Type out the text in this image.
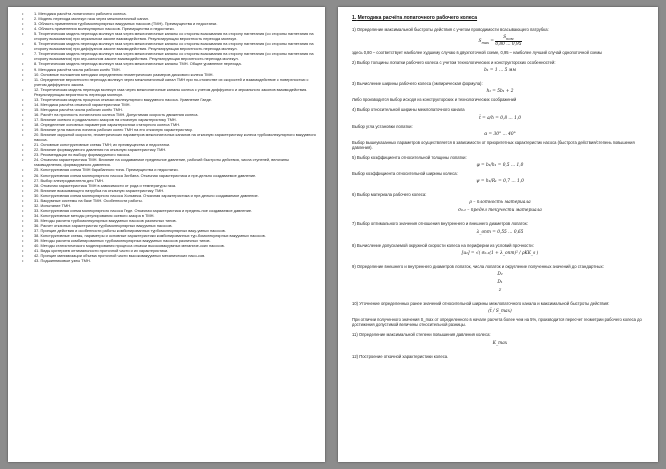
• 1. Методика расчёта лопаточного рабочего колеса.
• 2. Модель перехода молекул газа через межлопаточный канал.
• 3. Область применения турбомолекулярных вакуумных насосов (ТМН). Преимущества и недостатки.
• 4. Область применения молекулярных насосов. Преимущества и недостатки.
• 5. Теоретическая модель перехода молекул газа через межлопаточные каналы со стороны всасывания на сторону нагнетания (со стороны нагнетания на сторону всасывания) при зеркальном законе взаимодействия. Результирующая вероятность перехода молекул.
• 6. Теоретическая модель перехода молекул газа через межлопаточные каналы со стороны всасывания на сторону нагнетания (со стороны нагнетания на сторону всасывания) при диффузном законе взаимодействия. Результирующая вероятность перехода молекул.
• 7. Теоретическая модель перехода молекул газа через межлопаточные каналы со стороны всасывания на сторону нагнетания (со стороны нагнетания на сторону всасывания) при зер-кальном законе взаимодействия. Результирующая вероятность перехода молекул.
• 8. Теоретическая модель перехода молекул газа через межлопаточные каналы ТМН. Общее уравнение перехода.
• 9. Методика расчёта числа рабочих колёс ТМН.
• 10. Основные положения методики определения геометрических размеров дискового колеса ТМН.
• 11. Определение вероятности перехода молекул через межлопаточный канал ТМН при по-стоянстве их скоростей и взаимодействие с поверхностью с учетом диффузного закона.
• 12. Теоретическая модель перехода молекул газа через межлопаточные каналы колеса с учетом диффузного и зеркального законов взаимодействия. Результирующая вероятность перехода молекул.
• 13. Теоретическая модель процесса откачки молекулярного вакуумного насоса. Уравнение Гаеде.
• 14. Методика расчёта откачной характеристики ТМН.
• 15. Методика расчёта числа рабочих колёс ТМН.
• 16. Расчёт на прочность лопаточного колеса ТМН. Допустимая скорость движения колеса.
• 17. Влияние осевого и радиального зазоров на откачную характеристику ТМН.
• 18. Определение основных параметров характеристики статорного колеса ТМН.
• 19. Влияние угла наклона лопаток рабочих колес ТМН на его откачную характеристику.
• 20. Влияние окружной скорости, геометрических параметров межлопаточных каналов на откачную характеристику колеса турбомолекулярного вакуумного насоса.
• 21. Основные конструктивные схемы ТМН; их преимущества и недостатки.
• 22. Влияние форвакуумного давления на откачную характеристику ТМН.
• 23. Рекомендации по выбору форвакуумного насоса.
• 24. Откачная характеристика ТМН. Влияние на создаваемое предельное давление, рабочий быстроты действия, числа ступеней, величины газовыделения, форвакуумного давления.
• 25. Конструктивная схема ТМН барабанного типа. Преимущества и недостатки.
• 26. Конструктивная схема молекулярного насоса Зигбана. Откачная характеристика и пре-дельно создаваемое давление.
• 27. Выбор электродвигателя для ТМН.
• 28. Откачная характеристика ТМН в зависимости от рода и температуры газа.
• 29. Влияние всасывающего патрубка на откачную характеристику ТМН.
• 30. Конструктивная схема молекулярного насоса Хольвека. Откачная характеристика и пре-дельно создаваемое давление.
• 31. Вакуумные системы на базе ТМН. Особенности работы.
• 32. Испытание ТМН.
• 33. Конструктивная схема молекулярного насоса Геде. Откачная характеристика и предель-ное создаваемое давление.
• 34. Конструктивные методы регулирования осевого зазора в ТМН.
• 35. Методы расчета турбомолекулярных вакуумных насосов различных типов.
• 36. Расчет откачных характеристик турбомолекулярных вакуумных насосов.
• 37. Принцип действия и особенности работы комбинированных турбомолекулярных ваку-умных насосов.
• 38. Конструктивные схемы, параметры и основные характеристики комбинированных тур-бомолекулярных вакуумных насосов.
• 39. Методы расчета комбинированных турбомолекулярных вакуумных насосов различных типов.
• 40. Методы статистического моделирования процесса откачки высоковакуумных механиче-ских насосов.
• 41. Виды критериев оптимальности проточной части и их характеристики.
• 42. Принцип минимизации объема проточной части высоковакуумных механических насо-сов.
• 43. Подшипниковые узлы ТМН.
1. Методика расчёта лопаточного рабочего колеса

1) Определение максимальной быстроты действия с учетом проводимости всасывающего патрубка:

$S_{max} = \frac{S_{ном}}{0,80 \dots 0,95}$

здесь 0,80 – соответствует наиболее худшему случаю в двухпоточной схеме, 0,95 – наиболее лучший случай однопоточной схемы

2) Выбор толщины лопатки рабочего колеса с учетом технологических и конструкторских особенностей:

b₁ = 1 … 5 мм

3) Вычисление ширины рабочего колеса (эмпирическая формула):

h₁ = 5b₁ + 2

Либо производится выбор исходя из конструкторских и технологических соображений

4) Выбор относительной ширины межлопаточного канала

t̄ = a/h = 0,8 … 1,0

Выбор угла установки лопатки:

α = 30° … 40°

Выбор вышеуказанных параметров осуществляется в зависимости от приоритетных характеристик насоса (быстрота действия/степень повышения давления).

5) Выбор коэффициента относительной толщины лопатки:

φ = b₁/h₁ = 0,5 … 1,0

Выбор коэффициента относительной ширины колеса:

ψ = h₁/R₁ = 0,7 … 1,0

6) Выбор материала рабочего колеса:

ρ – плотность материала
σ₀.₂ – предел текучести материала

7) Выбор оптимального значения отношения внутреннего и внешнего диаметров лопаток:

λ_опт = 0,55 … 0,65

8) Вычисление допускаемой окружной скорости колеса на периферии из условий прочности:

[u₂] = √( σ₀.₂(1 + λ_опт)² / ρKK_s )

9) Определение внешнего и внутреннего диаметров лопаток, числа лопаток и округление полученных значений до стандартных:

D₂
D₁
z

10) Уточнение определенных ранее значений относительной ширины межлопаточного канала и максимальной быстроты действия:

(t̄ / S_max)

При отличии полученного значения S_max от определенного в начале расчета более чем на 5%, производится пересчет геометрии рабочего колеса до достижения допустимой величины относительной разницы.

11) Определение максимальной степени повышения давления колеса:

K_max

12) Построение откачной характеристики колеса.
